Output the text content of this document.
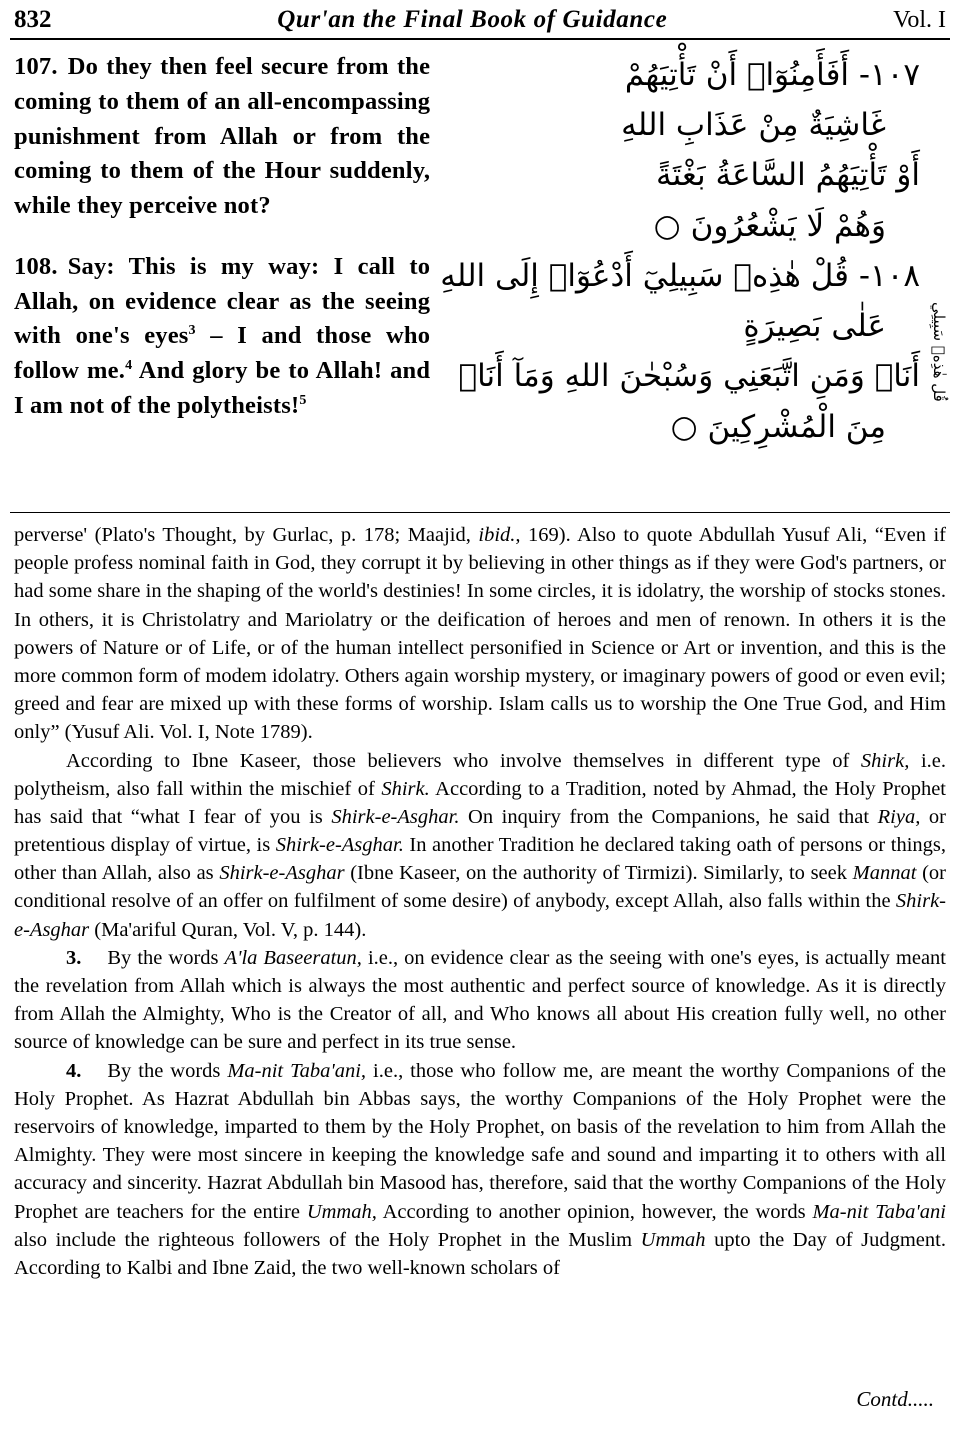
832	Qur'an the Final Book of Guidance	Vol. I

107. Do they then feel secure from the coming to them of an all-encompassing punishment from Allah or from the coming to them of the Hour suddenly, while they perceive not?

108. Say: This is my way: I call to Allah, on evidence clear as the seeing with one's eyes$^3$ – I and those who follow me.$^4$ And glory be to Allah! and I am not of the polytheists!$^5$

١٠٧- أَفَأَمِنُوٓا۟ أَنْ تَأْتِيَهُمْ
غَاشِيَةٌ مِنْ عَذَابِ اللهِ
أَوْ تَأْتِيَهُمُ السَّاعَةُ بَغْتَةً
وَهُمْ لَا يَشْعُرُونَ ○
١٠٨- قُلْ هٰذِهٖ سَبِيلِيٓ أَدْعُوٓا۟ إِلَى اللهِ
عَلٰى بَصِيرَةٍ
أَنَا۠ وَمَنِ اتَّبَعَنِي وَسُبْحٰنَ اللهِ وَمَآ أَنَا۠
مِنَ الْمُشْرِكِينَ ○
قُل هٰذِهٖ سَبِيلِي

perverse' (Plato's Thought, by Gurlac, p. 178; Maajid, ibid., 169). Also to quote Abdullah Yusuf Ali, “Even if people profess nominal faith in God, they corrupt it by believing in other things as if they were God's partners, or had some share in the shaping of the world's destinies! In some circles, it is idolatry, the worship of stocks stones. In others, it is Christolatry and Mariolatry or the deification of heroes and men of renown. In others it is the powers of Nature or of Life, or of the human intellect personified in Science or Art or invention, and this is the more common form of modem idolatry. Others again worship mystery, or imaginary powers of good or even evil; greed and fear are mixed up with these forms of worship. Islam calls us to worship the One True God, and Him only” (Yusuf Ali. Vol. I, Note 1789).

According to Ibne Kaseer, those believers who involve themselves in different type of Shirk, i.e. polytheism, also fall within the mischief of Shirk. According to a Tradition, noted by Ahmad, the Holy Prophet has said that “what I fear of you is Shirk-e-Asghar. On inquiry from the Companions, he said that Riya, or pretentious display of virtue, is Shirk-e-Asghar. In another Tradition he declared taking oath of persons or things, other than Allah, also as Shirk-e-Asghar (Ibne Kaseer, on the authority of Tirmizi). Similarly, to seek Mannat (or conditional resolve of an offer on fulfilment of some desire) of anybody, except Allah, also falls within the Shirk-e-Asghar (Ma'ariful Quran, Vol. V, p. 144).

3. By the words A'la Baseeratun, i.e., on evidence clear as the seeing with one's eyes, is actually meant the revelation from Allah which is always the most authentic and perfect source of knowledge. As it is directly from Allah the Almighty, Who is the Creator of all, and Who knows all about His creation fully well, no other source of knowledge can be sure and perfect in its true sense.

4. By the words Ma-nit Taba'ani, i.e., those who follow me, are meant the worthy Companions of the Holy Prophet. As Hazrat Abdullah bin Abbas says, the worthy Companions of the Holy Prophet were the reservoirs of knowledge, imparted to them by the Holy Prophet, on basis of the revelation to him from Allah the Almighty. They were most sincere in keeping the knowledge safe and sound and imparting it to others with all accuracy and sincerity. Hazrat Abdullah bin Masood has, therefore, said that the worthy Companions of the Holy Prophet are teachers for the entire Ummah, According to another opinion, however, the words Ma-nit Taba'ani also include the righteous followers of the Holy Prophet in the Muslim Ummah upto the Day of Judgment. According to Kalbi and Ibne Zaid, the two well-known scholars of

Contd.....
